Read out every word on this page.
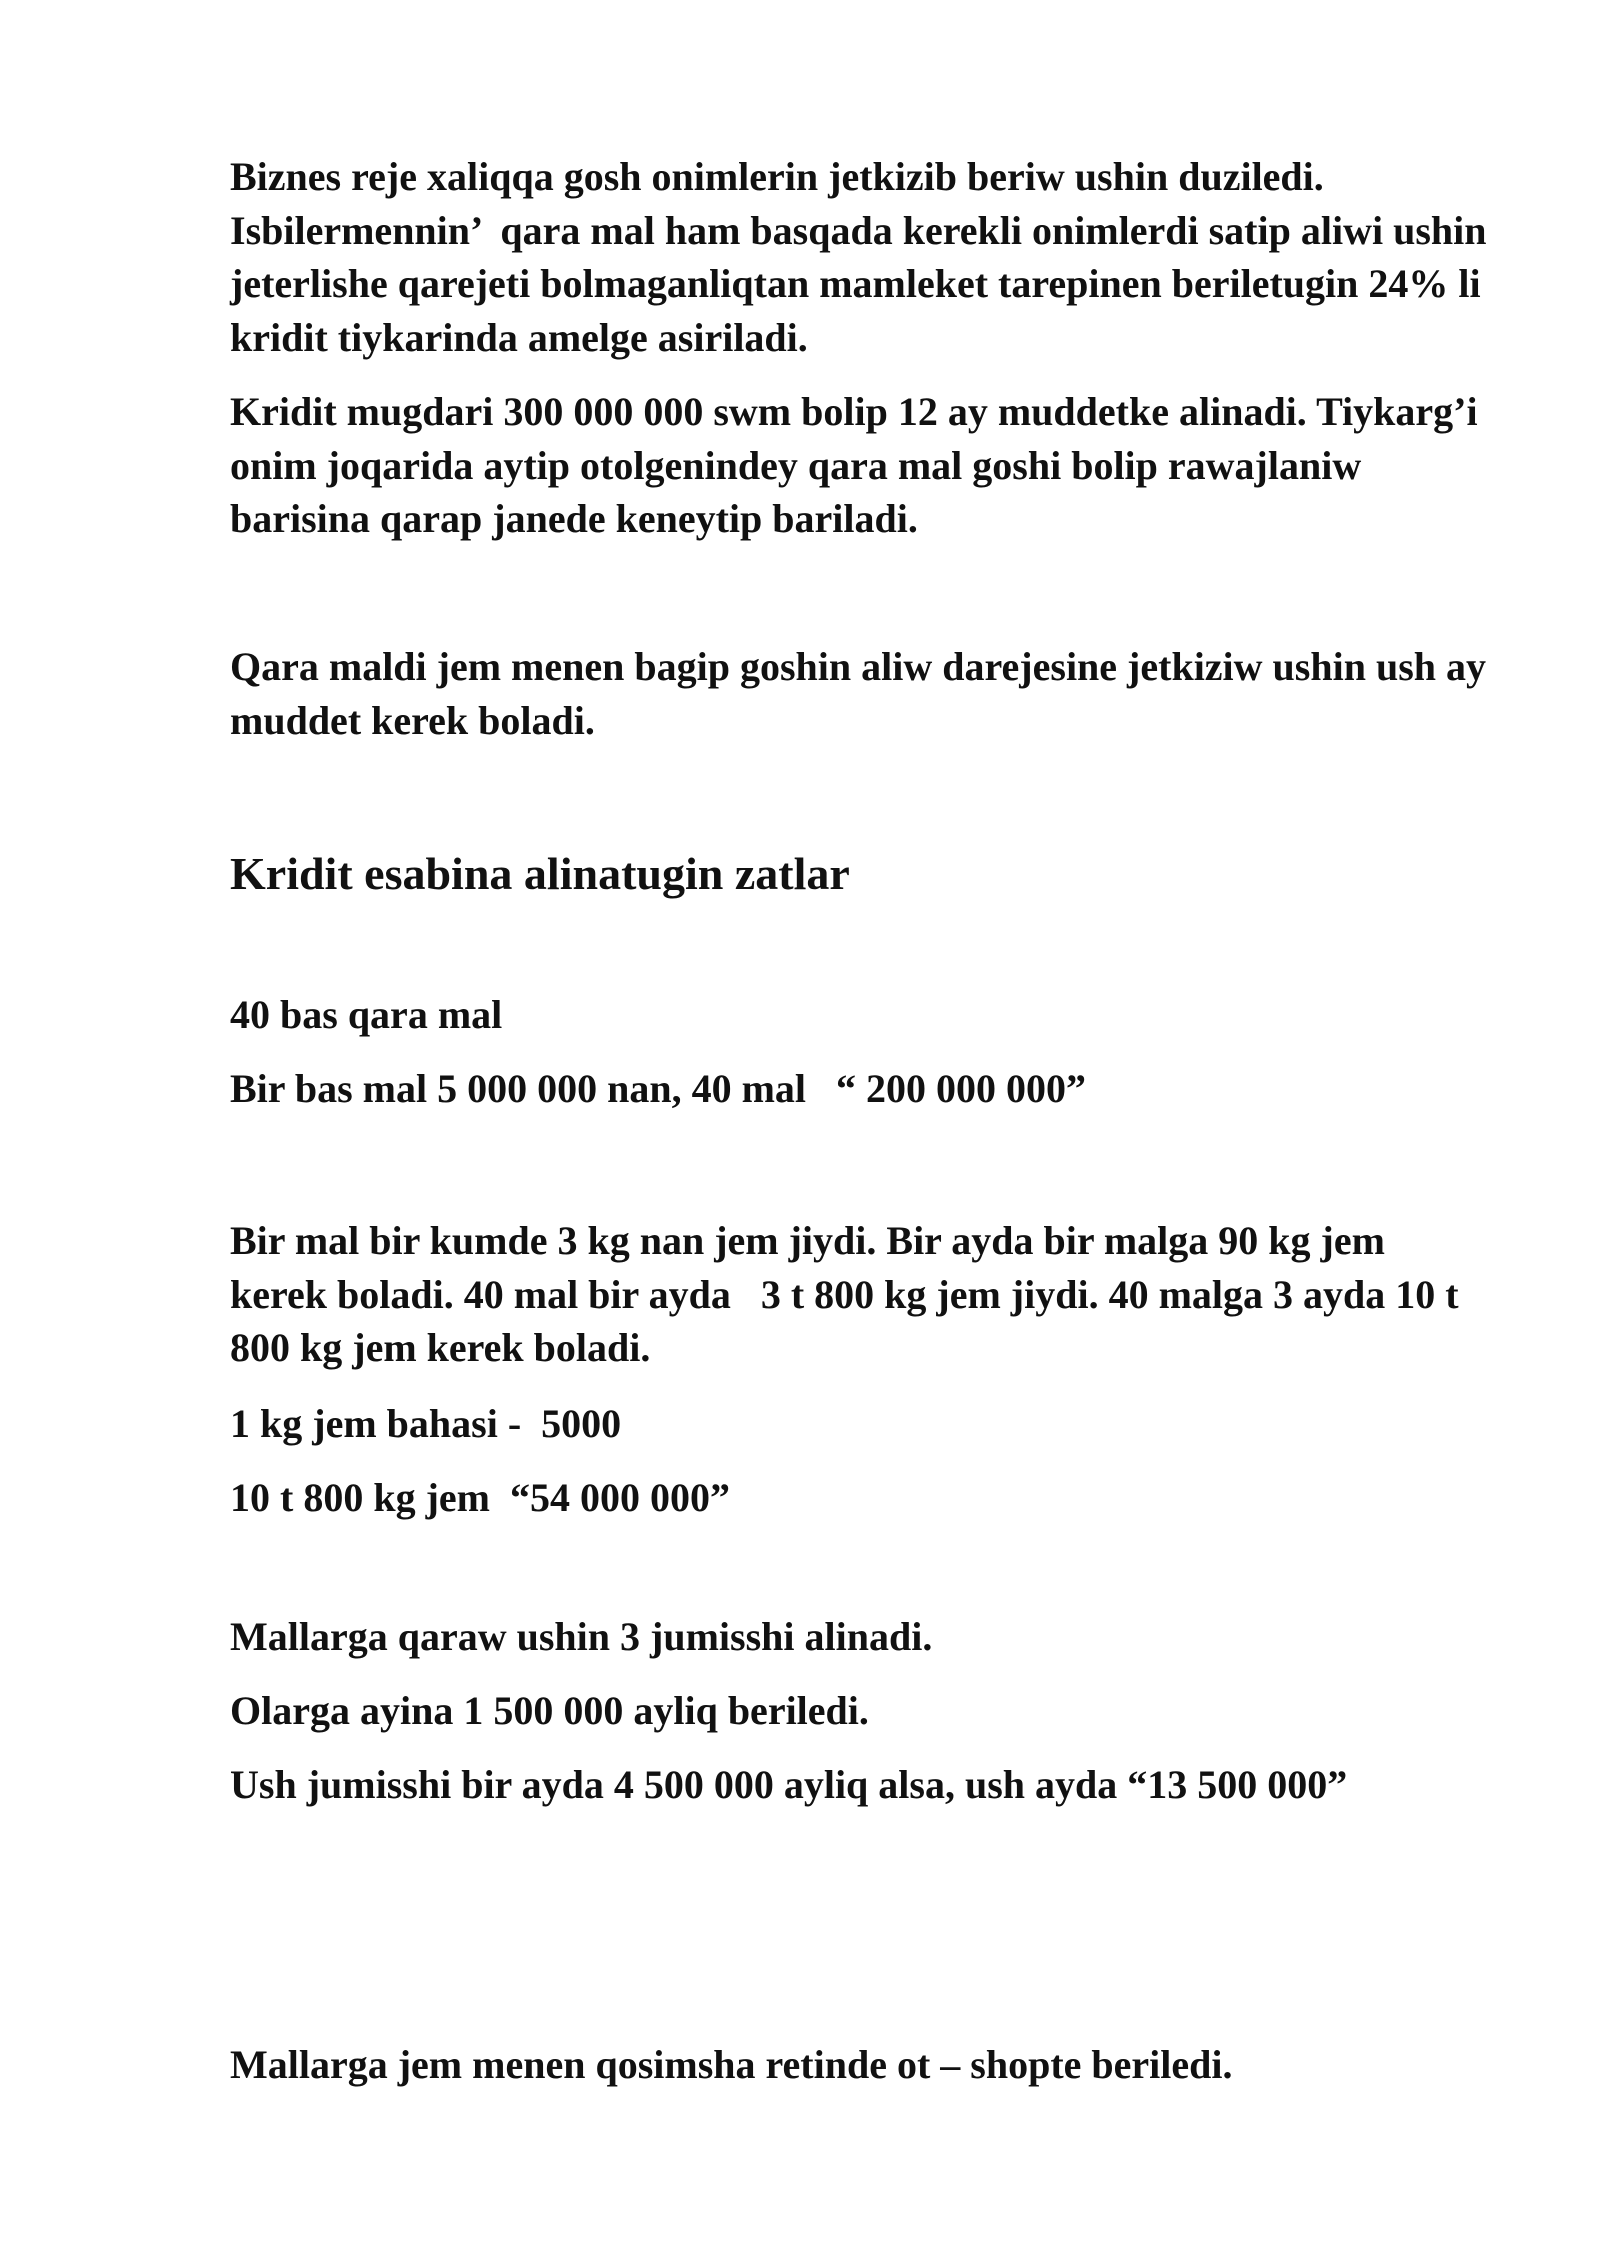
Biznes reje xaliqqa gosh onimlerin jetkizib beriw ushin duziledi. Isbilermennin’  qara mal ham basqada kerekli onimlerdi satip aliwi ushin jeterlishe qarejeti bolmaganliqtan mamleket tarepinen beriletugin 24% li kridit tiykarinda amelge asiriladi.

Kridit mugdari 300 000 000 swm bolip 12 ay muddetke alinadi. Tiykarg’i onim joqarida aytip otolgenindey qara mal goshi bolip rawajlaniw barisina qarap janede keneytip bariladi.

Qara maldi jem menen bagip goshin aliw darejesine jetkiziw ushin ush ay muddet kerek boladi.

Kridit esabina alinatugin zatlar

40 bas qara mal

Bir bas mal 5 000 000 nan, 40 mal   “ 200 000 000”

Bir mal bir kumde 3 kg nan jem jiydi. Bir ayda bir malga 90 kg jem kerek boladi. 40 mal bir ayda   3 t 800 kg jem jiydi. 40 malga 3 ayda 10 t 800 kg jem kerek boladi.

1 kg jem bahasi -  5000

10 t 800 kg jem  “54 000 000”

Mallarga qaraw ushin 3 jumisshi alinadi.

Olarga ayina 1 500 000 ayliq beriledi.

Ush jumisshi bir ayda 4 500 000 ayliq alsa, ush ayda “13 500 000”

Mallarga jem menen qosimsha retinde ot – shopte beriledi.
